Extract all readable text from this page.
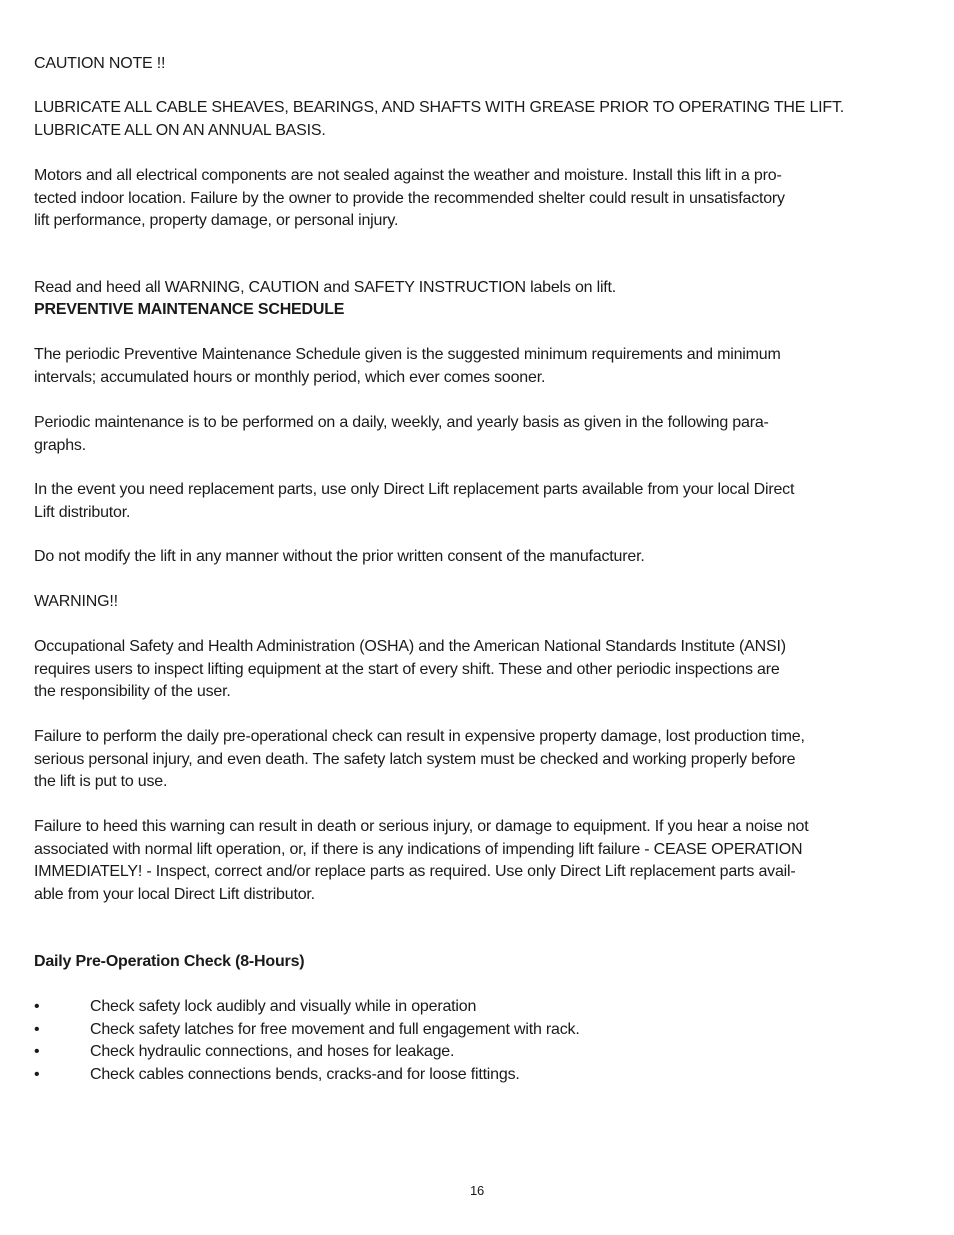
CAUTION NOTE !!

LUBRICATE ALL CABLE SHEAVES, BEARINGS, AND SHAFTS WITH GREASE PRIOR TO OPERATING THE LIFT.

LUBRICATE ALL ON AN ANNUAL BASIS.

Motors and all electrical components are not sealed against the weather and moisture. Install this lift in a pro-

tected indoor location. Failure by the owner to provide the recommended shelter could result in unsatisfactory

lift performance, property damage, or personal injury.

Read and heed all WARNING, CAUTION and SAFETY INSTRUCTION labels on lift.

PREVENTIVE MAINTENANCE SCHEDULE

The periodic Preventive Maintenance Schedule given is the suggested minimum requirements and minimum

intervals; accumulated hours or monthly period, which ever comes sooner.

Periodic maintenance is to be performed on a daily, weekly, and yearly basis as given in the following para-

graphs.

In the event you need replacement parts, use only Direct Lift replacement parts available from your local Direct

Lift distributor.

Do not modify the lift in any manner without the prior written consent of the manufacturer.

WARNING!!

Occupational Safety and Health Administration (OSHA) and the American National Standards Institute (ANSI)

requires users to inspect lifting equipment at the start of every shift. These and other periodic inspections are

the responsibility of the user.

Failure to perform the daily pre-operational check can result in expensive property damage, lost production time,

serious personal injury, and even death. The safety latch system must be checked and working properly before

the lift is put to use.

Failure to heed this warning can result in death or serious injury, or damage to equipment. If you hear a noise not

associated with normal lift operation, or, if there is any indications of impending lift failure - CEASE OPERATION

IMMEDIATELY! - Inspect, correct and/or replace parts as required. Use only Direct Lift replacement parts avail-

able from your local Direct Lift distributor.

Daily Pre-Operation Check (8-Hours)

•	Check safety lock audibly and visually while in operation
•	Check safety latches for free movement and full engagement with rack.
•	Check hydraulic connections, and hoses for leakage.
•	Check cables connections bends, cracks-and for loose fittings.
16
